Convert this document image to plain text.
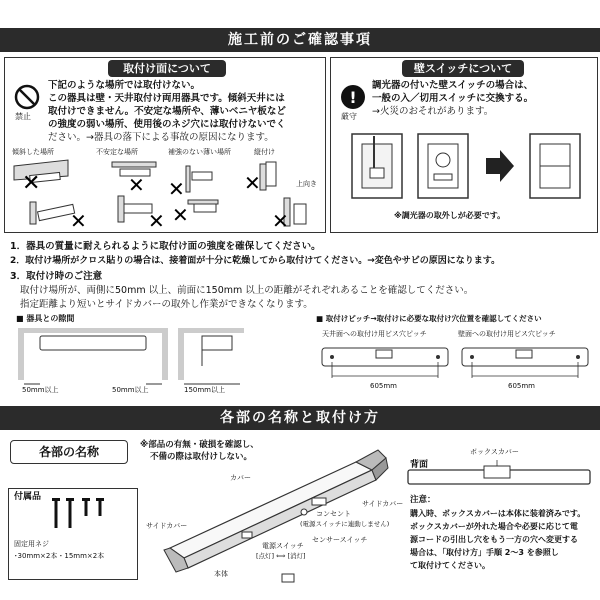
施工前のご確認事項
取付け面について
禁止
下記のような場所では取付けない。
この器具は壁・天井取付け両用器具です。傾斜天井には
取付けできません。不安定な場所や、薄いベニヤ板など
の強度の弱い場所、使用後のネジ穴には取付けないでく
ださい。→器具の落下による事故の原因になります。
傾斜した場所	不安定な場所	補強のない薄い場所	縦付け
上向き
✕
✕
✕
✕
✕
✕
✕
✕
壁スイッチについて
!
厳守
調光器の付いた壁スイッチの場合は、
一般の入／切用スイッチに交換する。
→火災のおそれがあります。
※調光器の取外しが必要です。
1．器具の質量に耐えられるように取付け面の強度を確保してください。
2．取付け場所がクロス貼りの場合は、接着面が十分に乾燥してから取付けてください。→変色やサビの原因になります。
3．取付け時のご注意
取付け場所が、両側に50mm 以上、前面に150mm 以上の距離がそれぞれあることを確認してください。
指定距離より短いとサイドカバーの取外し作業ができなくなります。
■ 器具との隙間	■ 取付けピッチ→取付けに必要な取付け穴位置を確認してください
50mm以上	50mm以上	150mm以上
天井面への取付け用ビス穴ピッチ	壁面への取付け用ビス穴ピッチ
605mm	605mm
各部の名称と取付け方
各部の名称	※部品の有無・破損を確認し、
不備の際は取付けしない。
付属品
固定用ネジ
･30mm×2本・15mm×2本
カバー
サイドカバー
サイドカバー
コンセント
(電源スイッチに連動しません)
センサースイッチ
電源スイッチ
[点灯] ⟺ [消灯]
本体
背面
ボックスカバー
注意：
購入時、ボックスカバーは本体に装着済みです。
ボックスカバーが外れた場合や必要に応じて電
源コードの引出し穴をもう一方の穴へ変更する
場合は、「取付け方」手順 2～3 を参照し
て取付けてください。
